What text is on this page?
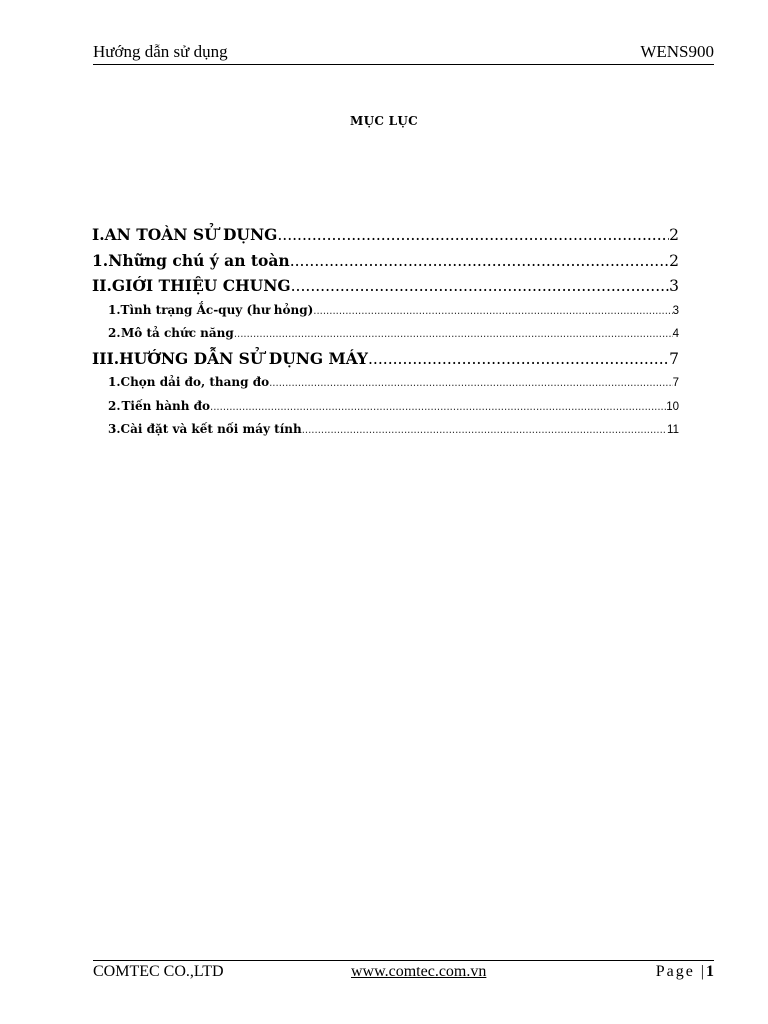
Hướng dẫn sử dụng	WENS900
MỤC LỤC
I. AN TOÀN SỬ DỤNG .....	2
1. Những chú ý an toàn .....	2
II. GIỚI THIỆU CHUNG .....	3
1. Tình trạng Ắc-quy (hư hỏng) .....	3
2. Mô tả chức năng .....	4
III. HƯỚNG DẪN SỬ DỤNG MÁY .....	7
1. Chọn dải đo, thang đo .....	7
2. Tiến hành đo .....	10
3. Cài đặt và kết nối máy tính .....	11
COMTEC CO.,LTD	www.comtec.com.vn	Page |1
